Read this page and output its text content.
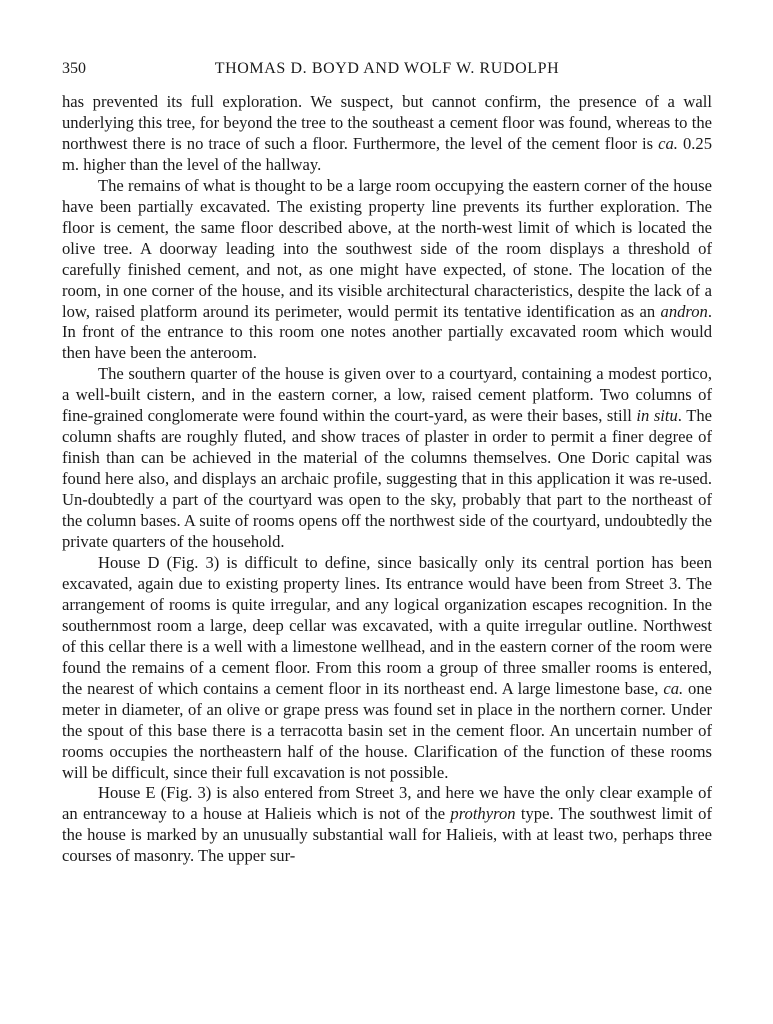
350	THOMAS D. BOYD AND WOLF W. RUDOLPH

has prevented its full exploration. We suspect, but cannot confirm, the presence of a wall underlying this tree, for beyond the tree to the southeast a cement floor was found, whereas to the northwest there is no trace of such a floor. Furthermore, the level of the cement floor is ca. 0.25 m. higher than the level of the hallway.

The remains of what is thought to be a large room occupying the eastern corner of the house have been partially excavated. The existing property line prevents its further exploration. The floor is cement, the same floor described above, at the north-west limit of which is located the olive tree. A doorway leading into the southwest side of the room displays a threshold of carefully finished cement, and not, as one might have expected, of stone. The location of the room, in one corner of the house, and its visible architectural characteristics, despite the lack of a low, raised platform around its perimeter, would permit its tentative identification as an andron. In front of the entrance to this room one notes another partially excavated room which would then have been the anteroom.

The southern quarter of the house is given over to a courtyard, containing a modest portico, a well-built cistern, and in the eastern corner, a low, raised cement platform. Two columns of fine-grained conglomerate were found within the court-yard, as were their bases, still in situ. The column shafts are roughly fluted, and show traces of plaster in order to permit a finer degree of finish than can be achieved in the material of the columns themselves. One Doric capital was found here also, and displays an archaic profile, suggesting that in this application it was re-used. Un-doubtedly a part of the courtyard was open to the sky, probably that part to the northeast of the column bases. A suite of rooms opens off the northwest side of the courtyard, undoubtedly the private quarters of the household.

House D (Fig. 3) is difficult to define, since basically only its central portion has been excavated, again due to existing property lines. Its entrance would have been from Street 3. The arrangement of rooms is quite irregular, and any logical organization escapes recognition. In the southernmost room a large, deep cellar was excavated, with a quite irregular outline. Northwest of this cellar there is a well with a limestone wellhead, and in the eastern corner of the room were found the remains of a cement floor. From this room a group of three smaller rooms is entered, the nearest of which contains a cement floor in its northeast end. A large limestone base, ca. one meter in diameter, of an olive or grape press was found set in place in the northern corner. Under the spout of this base there is a terracotta basin set in the cement floor. An uncertain number of rooms occupies the northeastern half of the house. Clarification of the function of these rooms will be difficult, since their full excavation is not possible.

House E (Fig. 3) is also entered from Street 3, and here we have the only clear example of an entranceway to a house at Halieis which is not of the prothyron type. The southwest limit of the house is marked by an unusually substantial wall for Halieis, with at least two, perhaps three courses of masonry. The upper sur-
